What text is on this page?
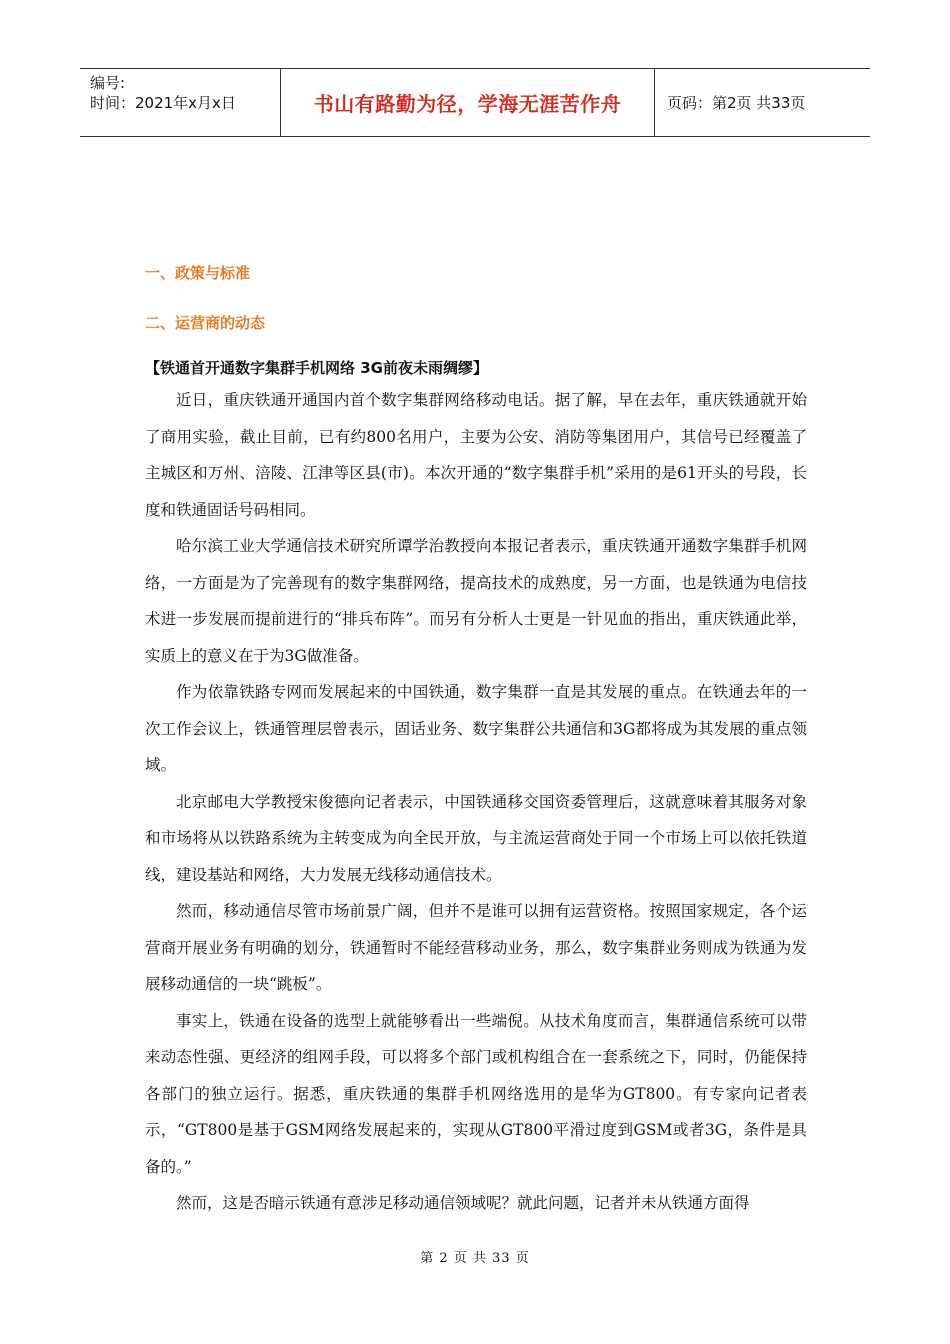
编号:
时间：2021年x月x日	书山有路勤为径，学海无涯苦作舟	页码：第2页 共33页
一、政策与标准
二、运营商的动态
【铁通首开通数字集群手机网络 3G前夜未雨绸缪】

近日，重庆铁通开通国内首个数字集群网络移动电话。据了解，早在去年，重庆铁通就开始了商用实验，截止目前，已有约800名用户，主要为公安、消防等集团用户，其信号已经覆盖了主城区和万州、涪陵、江津等区县(市)。本次开通的“数字集群手机”采用的是61开头的号段，长度和铁通固话号码相同。

哈尔滨工业大学通信技术研究所谭学治教授向本报记者表示，重庆铁通开通数字集群手机网络，一方面是为了完善现有的数字集群网络，提高技术的成熟度，另一方面，也是铁通为电信技术进一步发展而提前进行的“排兵布阵”。而另有分析人士更是一针见血的指出，重庆铁通此举，实质上的意义在于为3G做准备。

作为依靠铁路专网而发展起来的中国铁通，数字集群一直是其发展的重点。在铁通去年的一次工作会议上，铁通管理层曾表示，固话业务、数字集群公共通信和3G都将成为其发展的重点领域。

北京邮电大学教授宋俊德向记者表示，中国铁通移交国资委管理后，这就意味着其服务对象和市场将从以铁路系统为主转变成为向全民开放，与主流运营商处于同一个市场上可以依托铁道线，建设基站和网络，大力发展无线移动通信技术。

然而，移动通信尽管市场前景广阔，但并不是谁可以拥有运营资格。按照国家规定，各个运营商开展业务有明确的划分，铁通暂时不能经营移动业务，那么，数字集群业务则成为铁通为发展移动通信的一块“跳板”。

事实上，铁通在设备的选型上就能够看出一些端倪。从技术角度而言，集群通信系统可以带来动态性强、更经济的组网手段，可以将多个部门或机构组合在一套系统之下，同时，仍能保持各部门的独立运行。据悉，重庆铁通的集群手机网络选用的是华为GT800。有专家向记者表示，“GT800是基于GSM网络发展起来的，实现从GT800平滑过度到GSM或者3G，条件是具备的。”

然而，这是否暗示铁通有意涉足移动通信领域呢？就此问题，记者并未从铁通方面得

第 2 页 共 33 页
